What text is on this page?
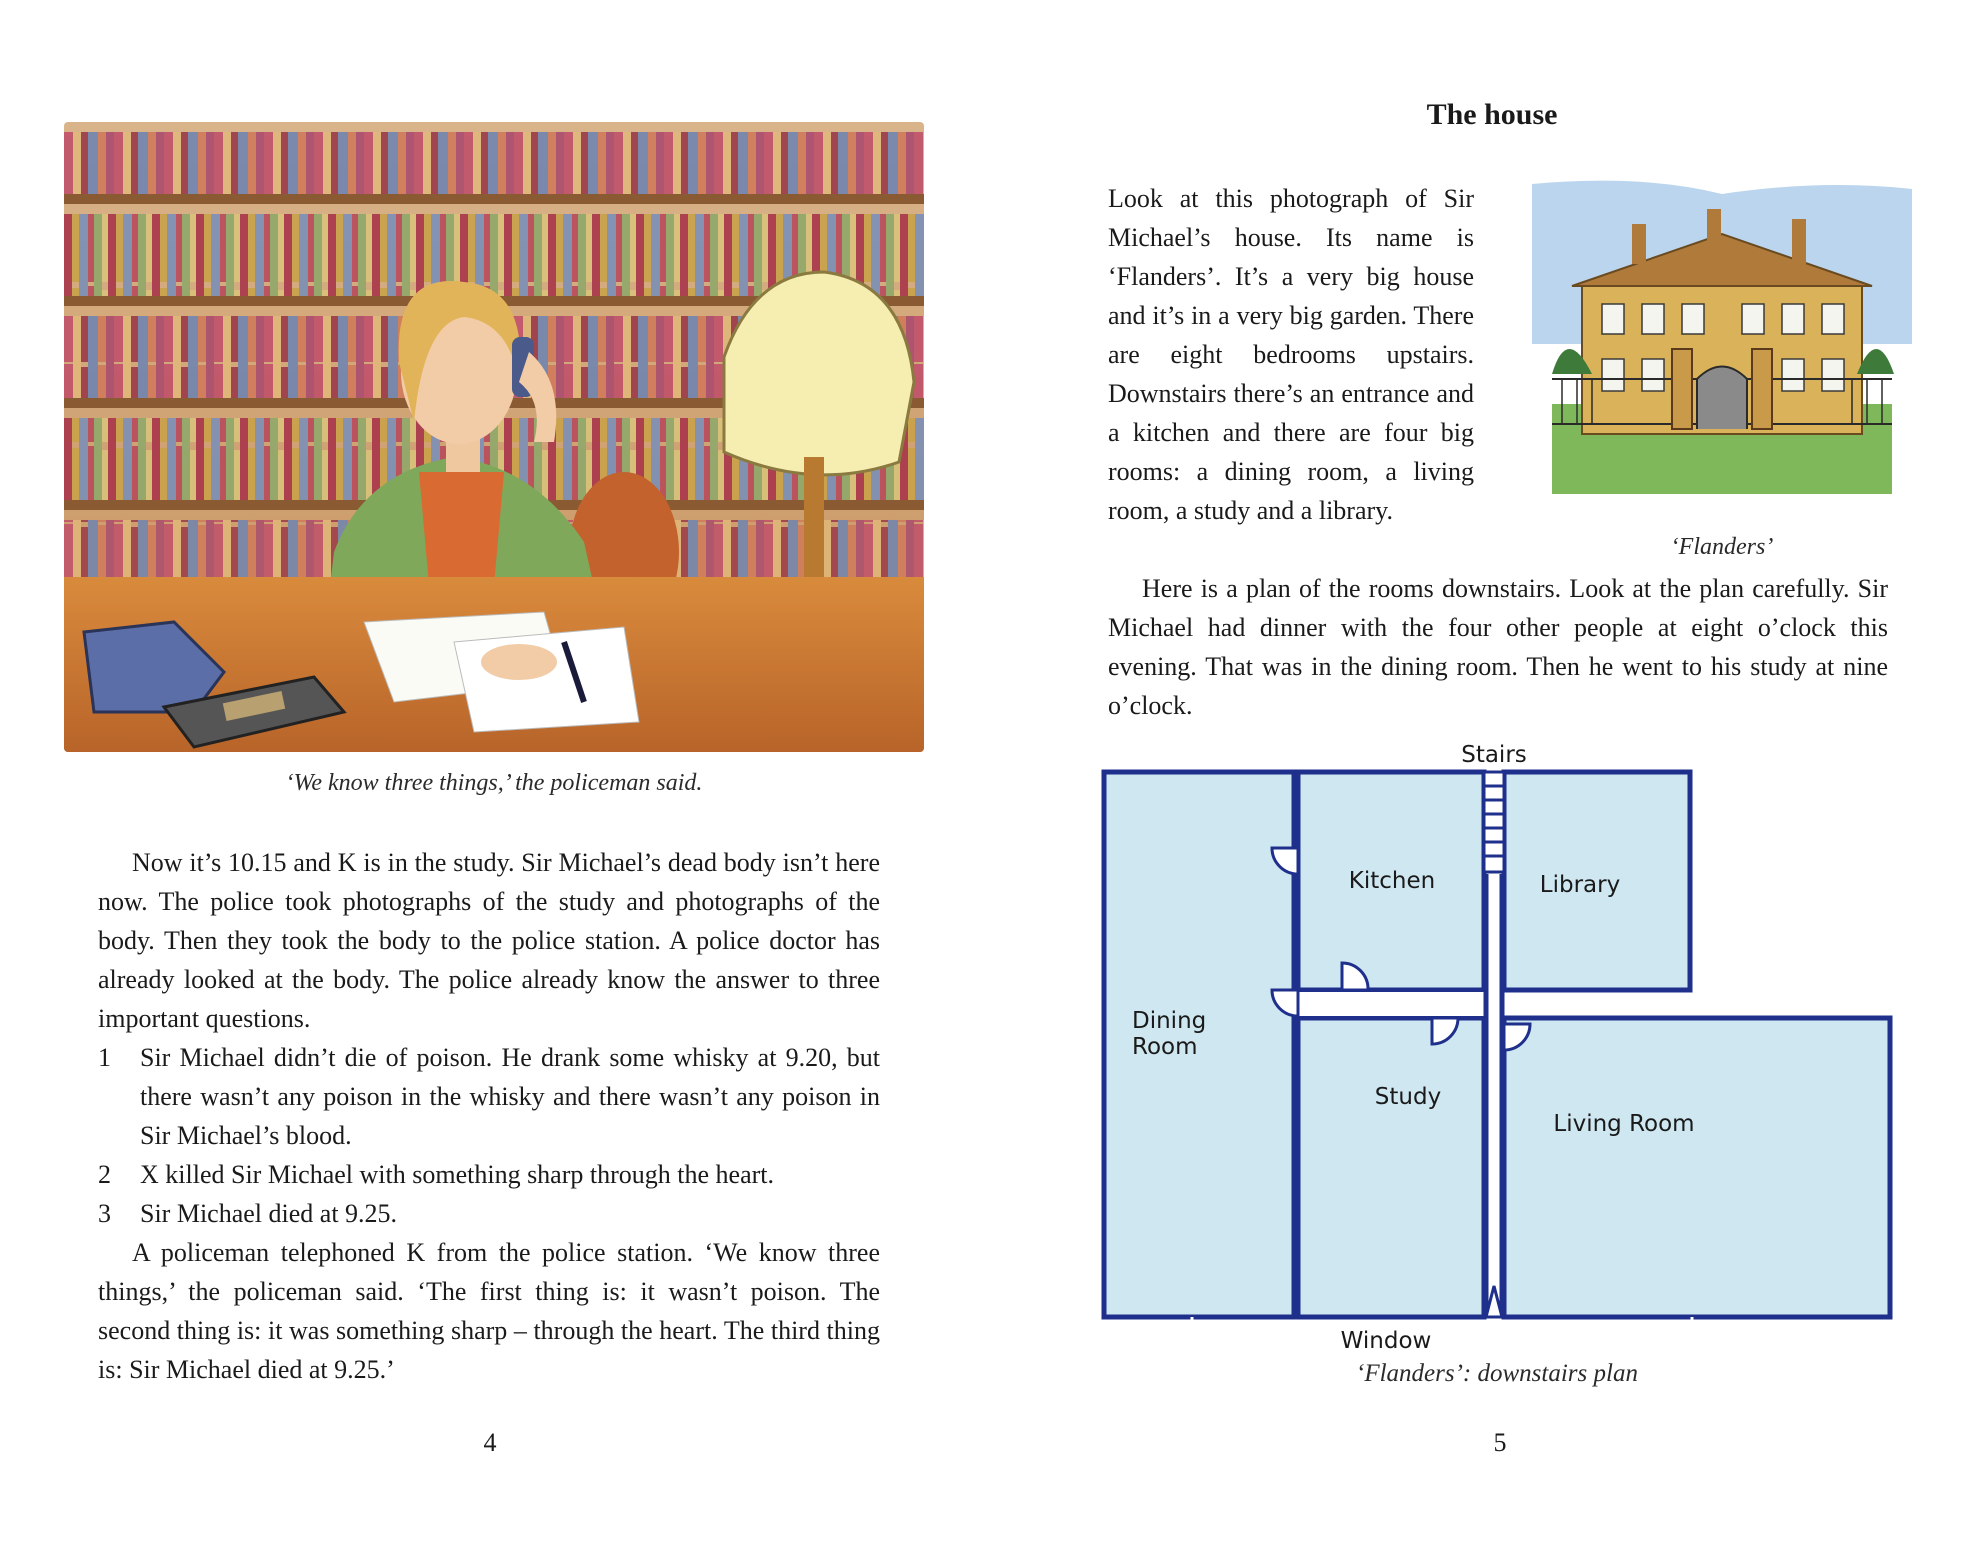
‘We know three things,’ the policeman said.

Now it’s 10.15 and K is in the study. Sir Michael’s dead body isn’t here now. The police took photographs of the study and photographs of the body. Then they took the body to the police station. A police doctor has already looked at the body. The police already know the answer to three important questions.

1	Sir Michael didn’t die of poison. He drank some whisky at 9.20, but there wasn’t any poison in the whisky and there wasn’t any poison in Sir Michael’s blood.
2	X killed Sir Michael with something sharp through the heart.
3	Sir Michael died at 9.25.

A policeman telephoned K from the police station. ‘We know three things,’ the policeman said. ‘The first thing is: it wasn’t poison. The second thing is: it was something sharp – through the heart. The third thing is: Sir Michael died at 9.25.’

4
The house

Look at this photograph of Sir Michael’s house. Its name is ‘Flanders’. It’s a very big house and it’s in a very big garden. There are eight bedrooms upstairs. Downstairs there’s an entrance and a kitchen and there are four big rooms: a dining room, a living room, a study and a library.

‘Flanders’

Here is a plan of the rooms downstairs. Look at the plan carefully. Sir Michael had dinner with the four other people at eight o’clock this evening. That was in the dining room. Then he went to his study at nine o’clock.

Stairs
Window
Kitchen	Library
Dining
Room
Study
Living Room
‘Flanders’: downstairs plan
5
